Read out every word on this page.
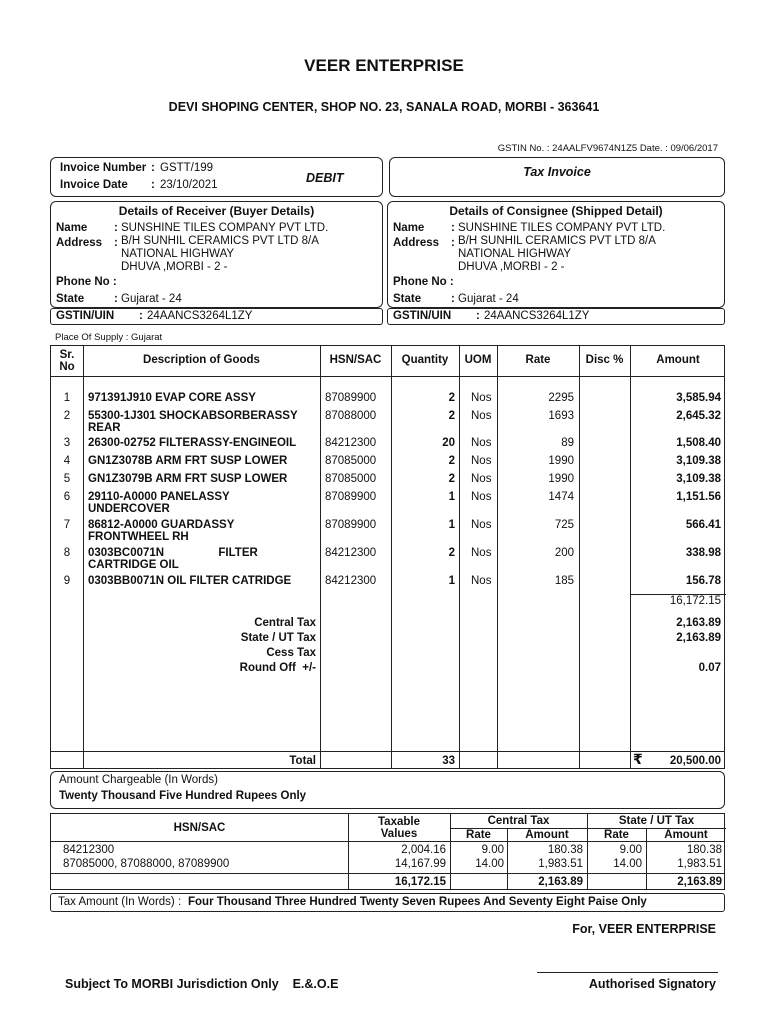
VEER ENTERPRISE
DEVI SHOPING CENTER, SHOP NO. 23, SANALA ROAD, MORBI - 363641
GSTIN No. : 24AALFV9674N1Z5 Date. : 09/06/2017
Invoice Number : GSTT/199
Invoice Date : 23/10/2021	DEBIT	Tax Invoice
Details of Receiver (Buyer Details)
Name : SUNSHINE TILES COMPANY PVT LTD.
Address : B/H SUNHIL CERAMICS PVT LTD 8/A
NATIONAL HIGHWAY
DHUVA ,MORBI - 2 -
Phone No :
State	: Gujarat - 24
GSTIN/UIN : 24AANCS3264L1ZY
Details of Consignee (Shipped Detail)
Name : SUNSHINE TILES COMPANY PVT LTD.
Address : B/H SUNHIL CERAMICS PVT LTD 8/A
NATIONAL HIGHWAY
DHUVA ,MORBI - 2 -
Phone No :
State	: Gujarat - 24
GSTIN/UIN : 24AANCS3264L1ZY
Place Of Supply : Gujarat
Sr.
No
Description of Goods	HSN/SAC	Quantity	UOM	Rate	Disc %	Amount
1	971391J910 EVAP CORE ASSY	87089900	2 Nos	2295	3,585.94
2	55300-1J301 SHOCKABSORBERASSY
REAR
87088000	2 Nos	1693	2,645.32
3	26300-02752 FILTERASSY-ENGINEOIL	84212300	20 Nos	89	1,508.40
4	GN1Z3078B ARM FRT SUSP LOWER	87085000	2 Nos	1990	3,109.38
5	GN1Z3079B ARM FRT SUSP LOWER	87085000	2 Nos	1990	3,109.38
6	29110-A0000 PANELASSY
UNDERCOVER
87089900	1 Nos	1474	1,151.56
7	86812-A0000 GUARDASSY
FRONTWHEEL RH
87089900	1 Nos	725	566.41
8	0303BC0071N                 FILTER
CARTRIDGE OIL
84212300	2 Nos	200	338.98
9	0303BB0071N OIL FILTER CATRIDGE	84212300	1 Nos	185	156.78
16,172.15
Central Tax	2,163.89
State / UT Tax	2,163.89
Cess Tax
Round Off  +/-	0.07
Total	33	₹	20,500.00
Amount Chargeable (In Words)
Twenty Thousand Five Hundred Rupees Only
HSN/SAC	Taxable
Values
Central Tax	State / UT Tax
Rate	Amount	Rate	Amount
84212300	2,004.16	9.00	180.38	9.00	180.38
87085000, 87088000, 87089900	14,167.99	14.00	1,983.51	14.00	1,983.51
16,172.15	2,163.89	2,163.89
Tax Amount (In Words) : Four Thousand Three Hundred Twenty Seven Rupees And Seventy Eight Paise Only
For, VEER ENTERPRISE
Subject To MORBI Jurisdiction Only    E.&.O.E	Authorised Signatory
